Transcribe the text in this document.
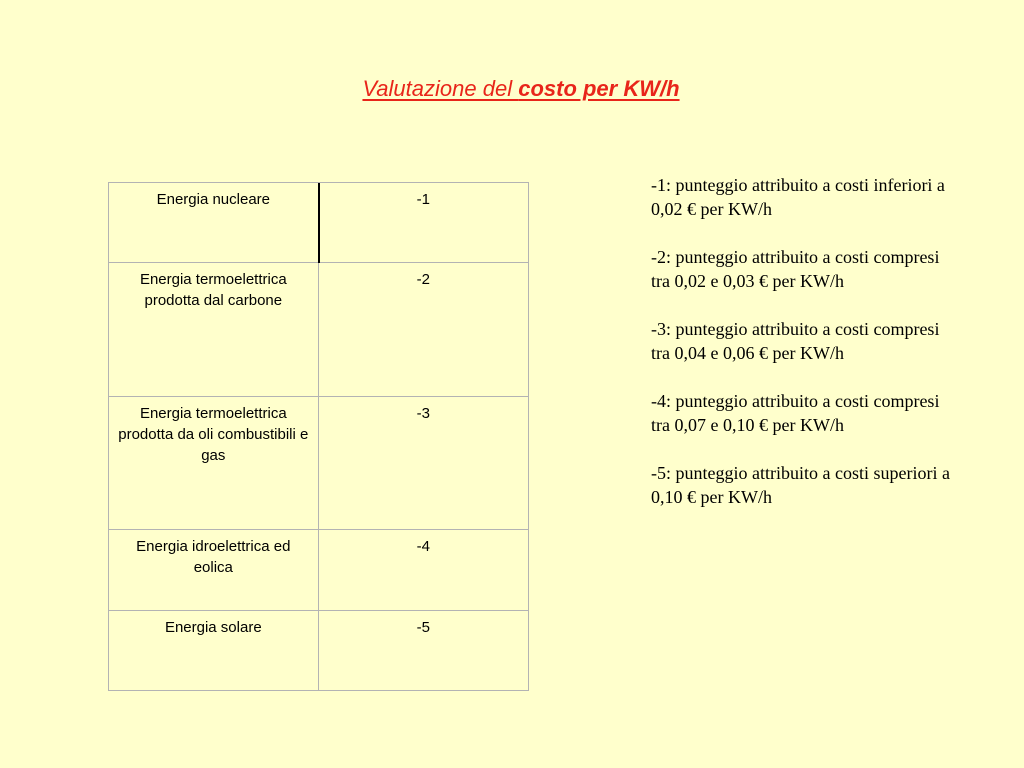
Valutazione del costo per KW/h
Energia nucleare	-1
Energia termoelettrica prodotta dal carbone	-2
Energia termoelettrica prodotta da oli combustibili e gas	-3
Energia idroelettrica ed eolica	-4
Energia solare	-5

-1: punteggio attribuito a costi inferiori a 0,02 € per KW/h

-2: punteggio attribuito a costi compresi tra 0,02 e 0,03 € per KW/h

-3: punteggio attribuito a costi compresi tra 0,04 e 0,06 € per KW/h

-4: punteggio attribuito a costi compresi tra 0,07 e 0,10 € per KW/h

-5: punteggio attribuito a costi superiori a 0,10 € per KW/h
